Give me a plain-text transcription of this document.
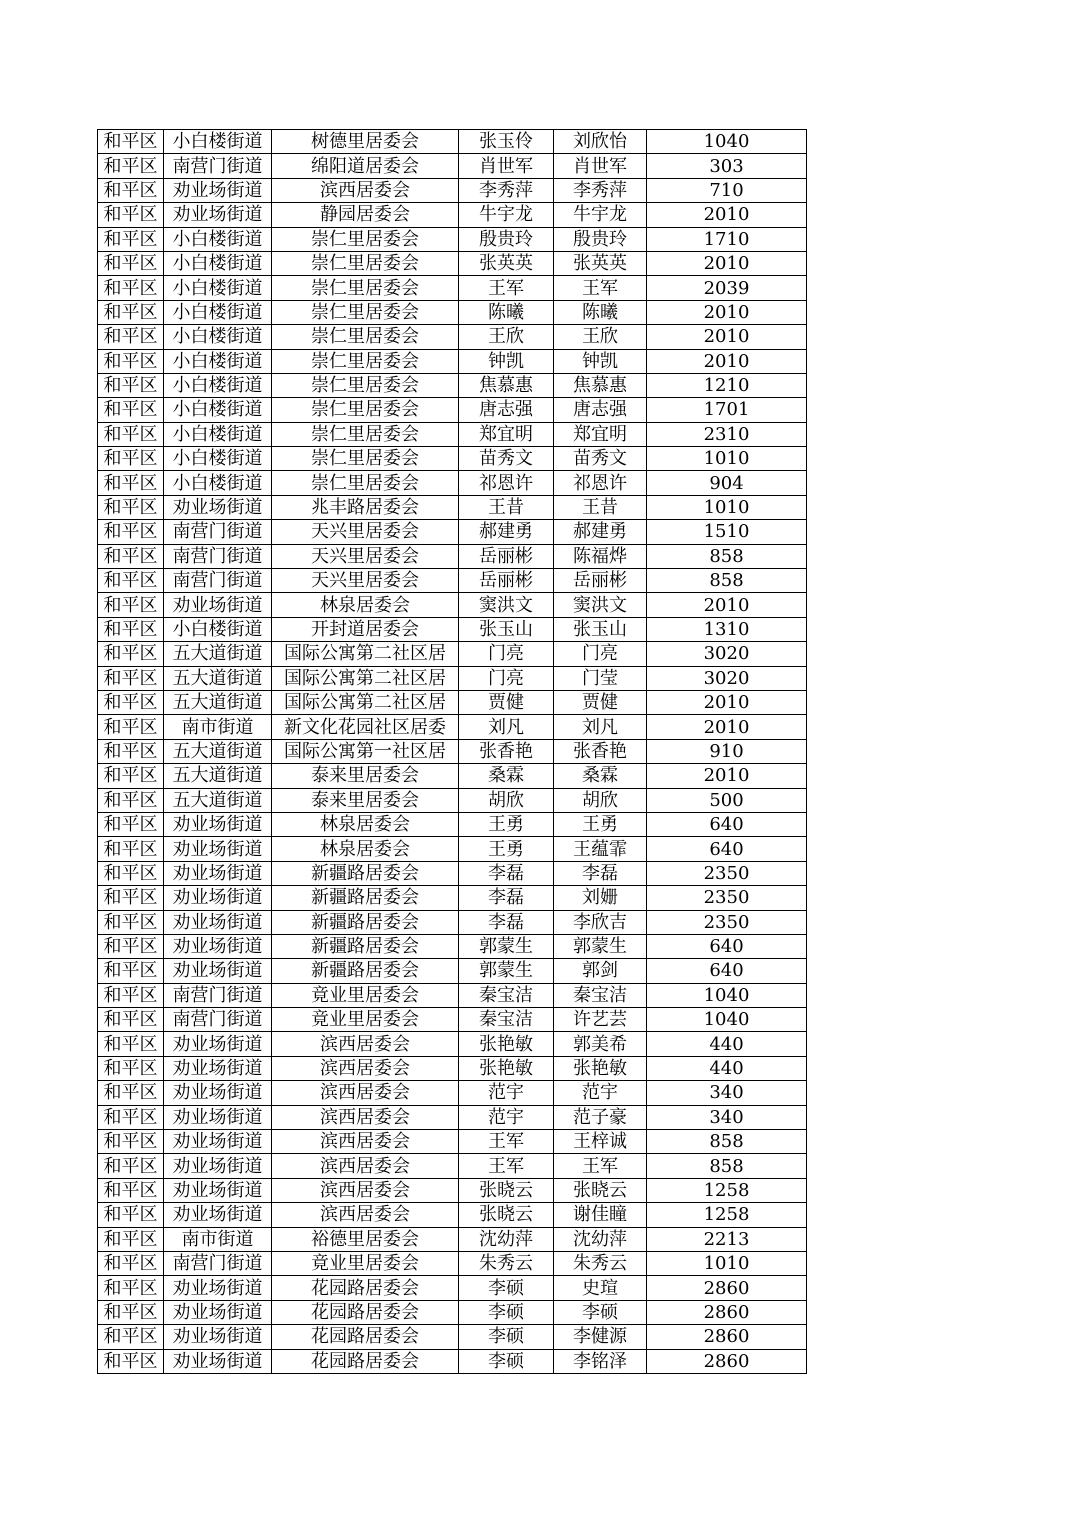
和平区	小白楼街道	树德里居委会	张玉伶	刘欣怡	1040
和平区	南营门街道	绵阳道居委会	肖世军	肖世军	303
和平区	劝业场街道	滨西居委会	李秀萍	李秀萍	710
和平区	劝业场街道	静园居委会	牛宇龙	牛宇龙	2010
和平区	小白楼街道	崇仁里居委会	殷贵玲	殷贵玲	1710
和平区	小白楼街道	崇仁里居委会	张英英	张英英	2010
和平区	小白楼街道	崇仁里居委会	王军	王军	2039
和平区	小白楼街道	崇仁里居委会	陈曦	陈曦	2010
和平区	小白楼街道	崇仁里居委会	王欣	王欣	2010
和平区	小白楼街道	崇仁里居委会	钟凯	钟凯	2010
和平区	小白楼街道	崇仁里居委会	焦慕惠	焦慕惠	1210
和平区	小白楼街道	崇仁里居委会	唐志强	唐志强	1701
和平区	小白楼街道	崇仁里居委会	郑宜明	郑宜明	2310
和平区	小白楼街道	崇仁里居委会	苗秀文	苗秀文	1010
和平区	小白楼街道	崇仁里居委会	祁恩许	祁恩许	904
和平区	劝业场街道	兆丰路居委会	王昔	王昔	1010
和平区	南营门街道	天兴里居委会	郝建勇	郝建勇	1510
和平区	南营门街道	天兴里居委会	岳丽彬	陈福烨	858
和平区	南营门街道	天兴里居委会	岳丽彬	岳丽彬	858
和平区	劝业场街道	林泉居委会	窦洪文	窦洪文	2010
和平区	小白楼街道	开封道居委会	张玉山	张玉山	1310
和平区	五大道街道	国际公寓第二社区居	门亮	门亮	3020
和平区	五大道街道	国际公寓第二社区居	门亮	门莹	3020
和平区	五大道街道	国际公寓第二社区居	贾健	贾健	2010
和平区	南市街道	新文化花园社区居委	刘凡	刘凡	2010
和平区	五大道街道	国际公寓第一社区居	张香艳	张香艳	910
和平区	五大道街道	泰来里居委会	桑霖	桑霖	2010
和平区	五大道街道	泰来里居委会	胡欣	胡欣	500
和平区	劝业场街道	林泉居委会	王勇	王勇	640
和平区	劝业场街道	林泉居委会	王勇	王蕴霏	640
和平区	劝业场街道	新疆路居委会	李磊	李磊	2350
和平区	劝业场街道	新疆路居委会	李磊	刘姗	2350
和平区	劝业场街道	新疆路居委会	李磊	李欣吉	2350
和平区	劝业场街道	新疆路居委会	郭蒙生	郭蒙生	640
和平区	劝业场街道	新疆路居委会	郭蒙生	郭剑	640
和平区	南营门街道	竟业里居委会	秦宝洁	秦宝洁	1040
和平区	南营门街道	竟业里居委会	秦宝洁	许艺芸	1040
和平区	劝业场街道	滨西居委会	张艳敏	郭美希	440
和平区	劝业场街道	滨西居委会	张艳敏	张艳敏	440
和平区	劝业场街道	滨西居委会	范宇	范宇	340
和平区	劝业场街道	滨西居委会	范宇	范子豪	340
和平区	劝业场街道	滨西居委会	王军	王梓诚	858
和平区	劝业场街道	滨西居委会	王军	王军	858
和平区	劝业场街道	滨西居委会	张晓云	张晓云	1258
和平区	劝业场街道	滨西居委会	张晓云	谢佳瞳	1258
和平区	南市街道	裕德里居委会	沈幼萍	沈幼萍	2213
和平区	南营门街道	竟业里居委会	朱秀云	朱秀云	1010
和平区	劝业场街道	花园路居委会	李硕	史瑄	2860
和平区	劝业场街道	花园路居委会	李硕	李硕	2860
和平区	劝业场街道	花园路居委会	李硕	李健源	2860
和平区	劝业场街道	花园路居委会	李硕	李铭泽	2860
